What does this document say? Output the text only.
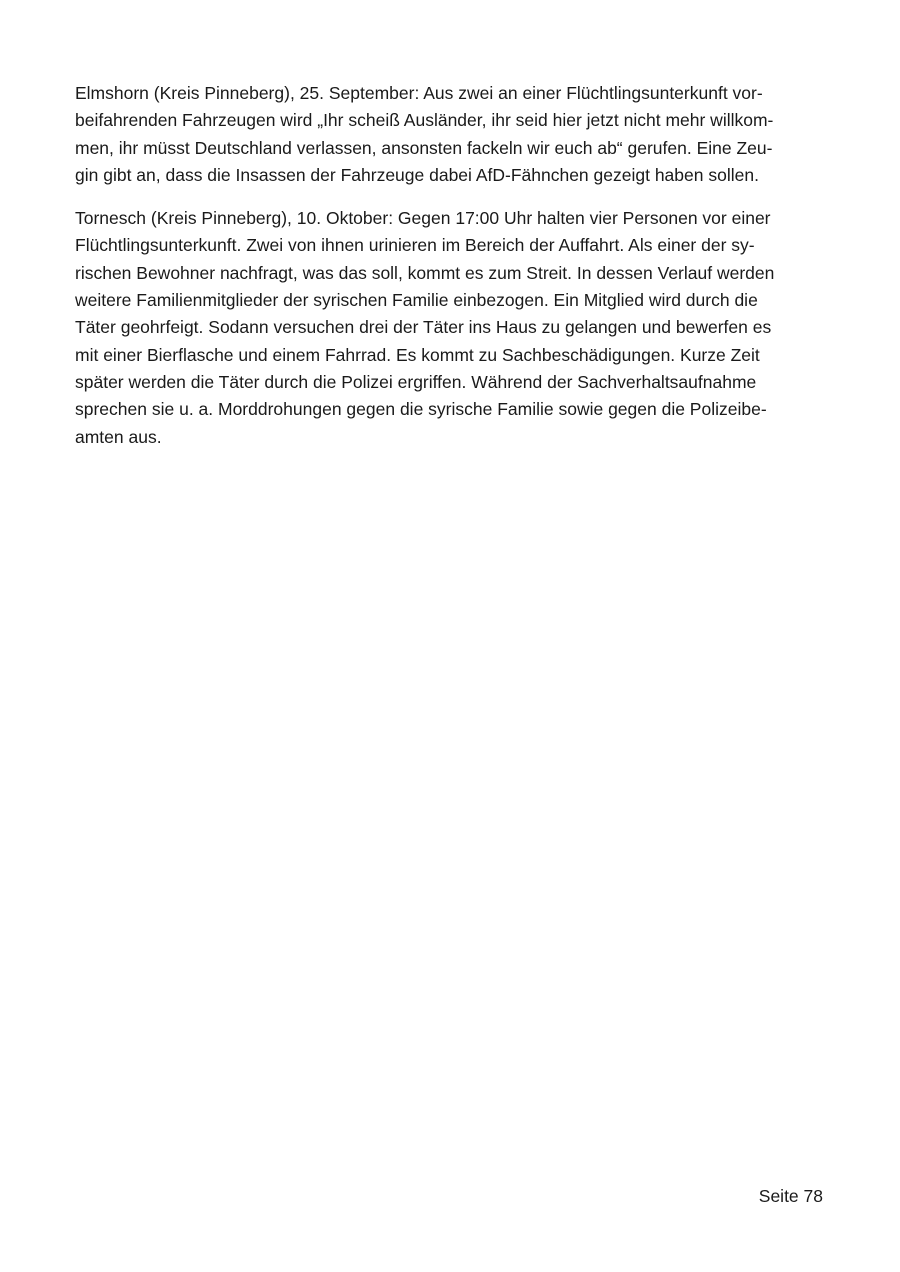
Elmshorn (Kreis Pinneberg), 25. September: Aus zwei an einer Flüchtlingsunterkunft vor-
beifahrenden Fahrzeugen wird „Ihr scheiß Ausländer, ihr seid hier jetzt nicht mehr willkom-
men, ihr müsst Deutschland verlassen, ansonsten fackeln wir euch ab“ gerufen. Eine Zeu-
gin gibt an, dass die Insassen der Fahrzeuge dabei AfD-Fähnchen gezeigt haben sollen.

Tornesch (Kreis Pinneberg), 10. Oktober: Gegen 17:00 Uhr halten vier Personen vor einer
Flüchtlingsunterkunft. Zwei von ihnen urinieren im Bereich der Auffahrt. Als einer der sy-
rischen Bewohner nachfragt, was das soll, kommt es zum Streit. In dessen Verlauf werden
weitere Familienmitglieder der syrischen Familie einbezogen. Ein Mitglied wird durch die
Täter geohrfeigt. Sodann versuchen drei der Täter ins Haus zu gelangen und bewerfen es
mit einer Bierflasche und einem Fahrrad. Es kommt zu Sachbeschädigungen. Kurze Zeit
später werden die Täter durch die Polizei ergriffen. Während der Sachverhaltsaufnahme
sprechen sie u. a. Morddrohungen gegen die syrische Familie sowie gegen die Polizeibe-
amten aus.

Seite 78
